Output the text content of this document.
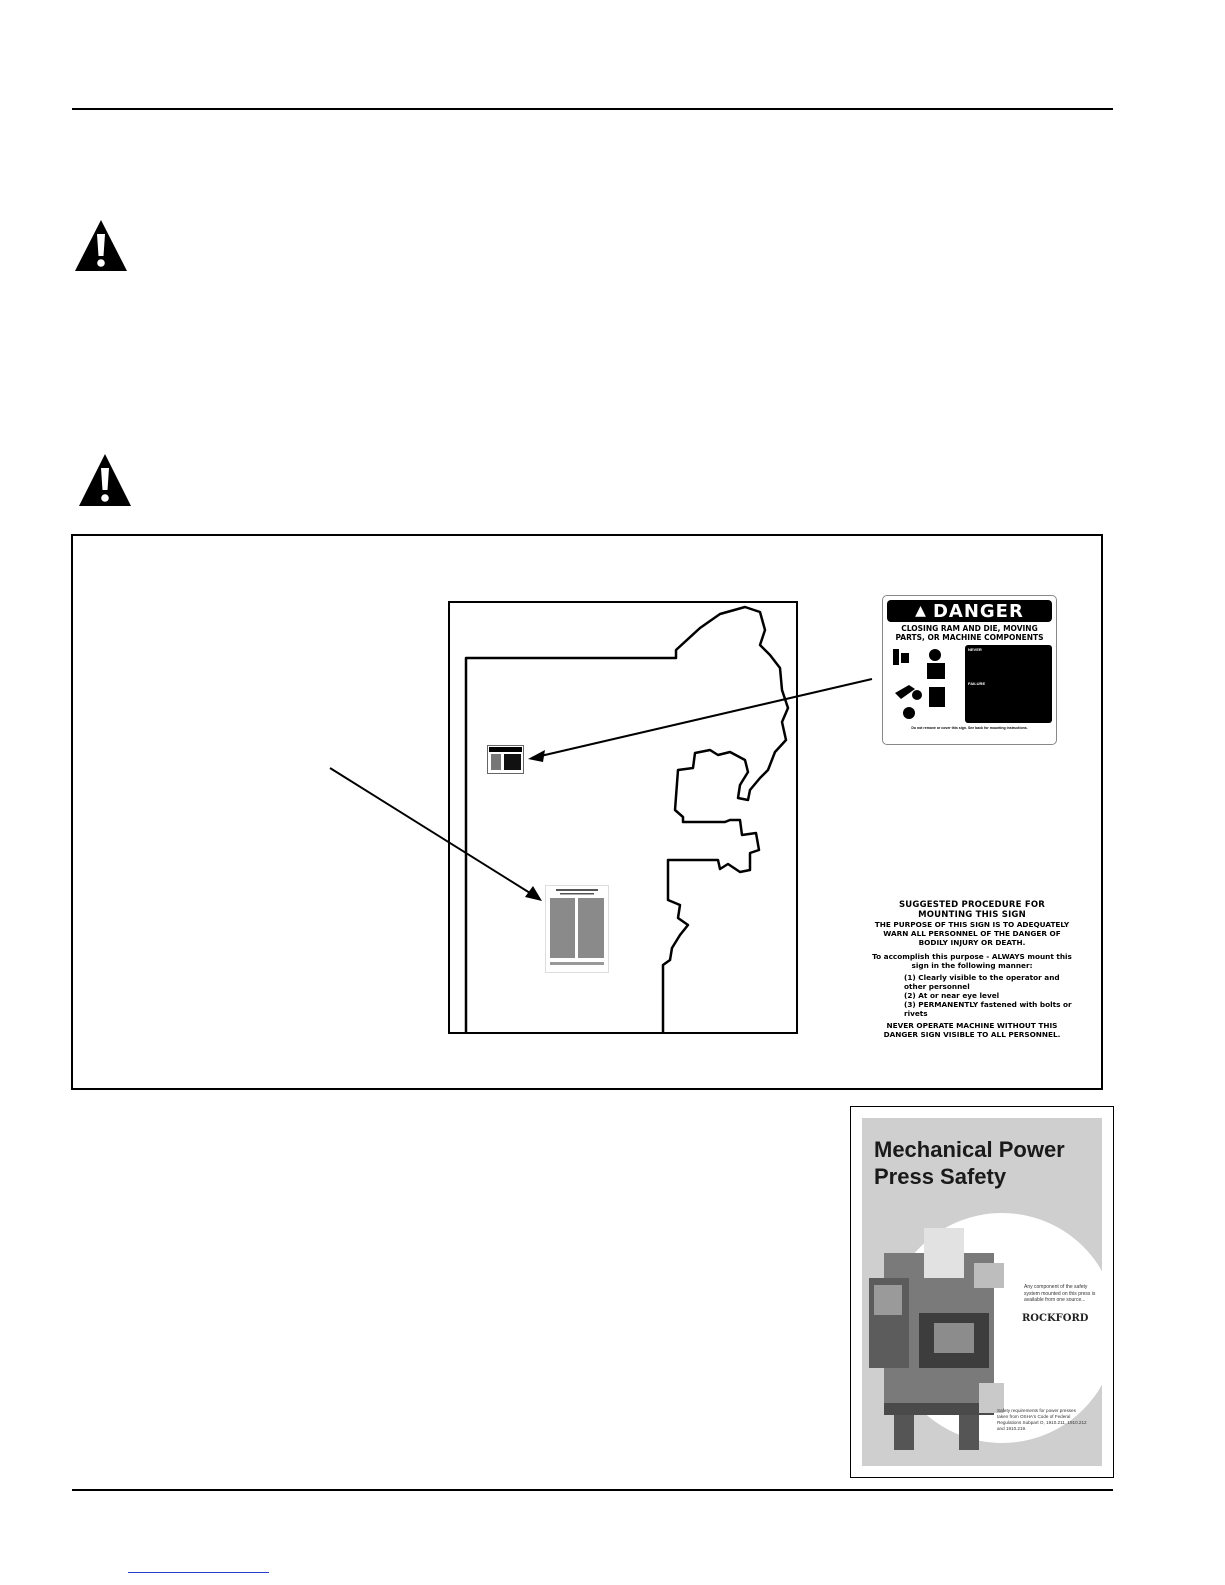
▲ DANGER
CLOSING RAM AND DIE, MOVING PARTS, OR MACHINE COMPONENTS
NEVER
FAILURE
Do not remove or cover this sign. See back for mounting instructions.
SUGGESTED PROCEDURE FOR MOUNTING THIS SIGN
THE PURPOSE OF THIS SIGN IS TO ADEQUATELY WARN ALL PERSONNEL OF THE DANGER OF BODILY INJURY OR DEATH.
To accomplish this purpose - ALWAYS mount this sign in the following manner:
(1) Clearly visible to the operator and other personnel
(2) At or near eye level
(3) PERMANENTLY fastened with bolts or rivets
NEVER OPERATE MACHINE WITHOUT THIS DANGER SIGN VISIBLE TO ALL PERSONNEL.
Mechanical Power Press Safety
Any component of the safety system mounted on this press is available from one source...
ROCKFORD
Safety requirements for power presses taken from OSHA's Code of Federal Regulations Subpart O, 1910.211, 1910.212 and 1910.219.
